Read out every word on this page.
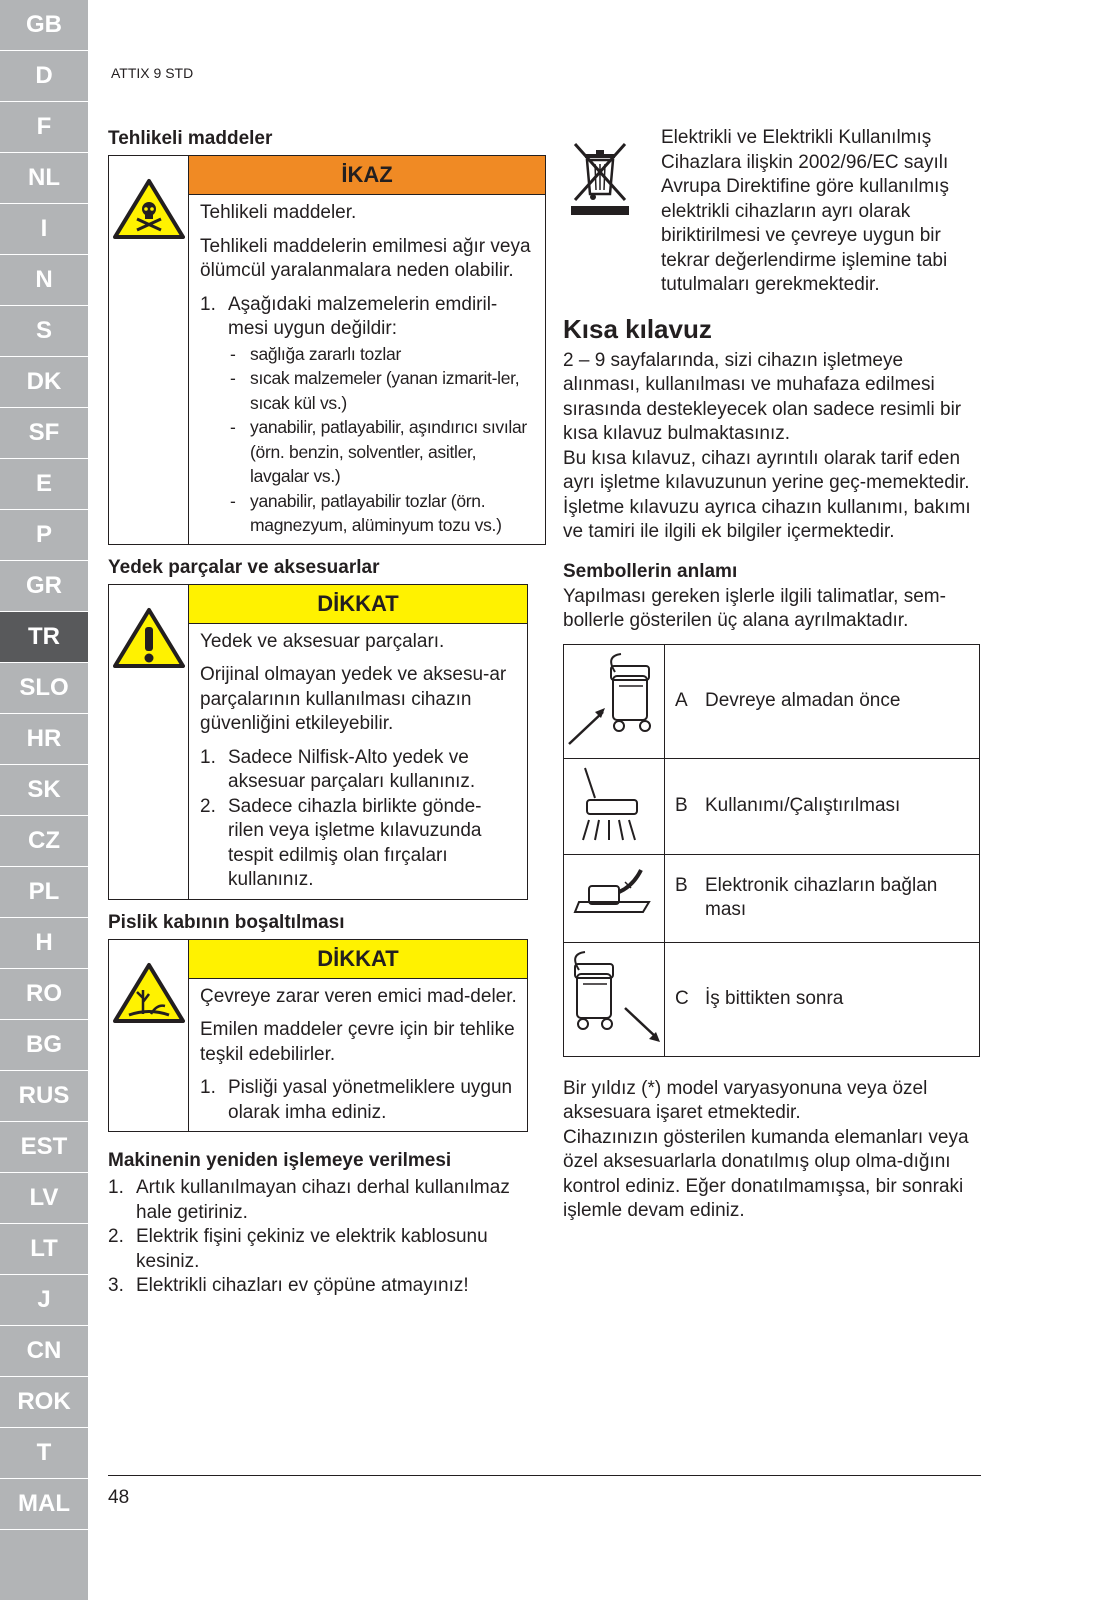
GB
D
F
NL
I
N
S
DK
SF
E
P
GR
TR
SLO
HR
SK
CZ
PL
H
RO
BG
RUS
EST
LV
LT
J
CN
ROK
T
MAL
ATTIX 9 STD
Tehlikeli maddeler
İKAZ
Tehlikeli maddeler.
Tehlikeli maddelerin emilmesi ağır veya ölümcül yaralanmalara neden olabilir.
1. Aşağıdaki malzemelerin emdiril-mesi uygun değildir:
- sağlığa zararlı tozlar
- sıcak malzemeler (yanan izmarit-ler, sıcak kül vs.)
- yanabilir, patlayabilir, aşındırıcı sıvılar (örn. benzin, solventler, asitler, lavgalar vs.)
- yanabilir, patlayabilir tozlar (örn. magnezyum, alüminyum tozu vs.)
Yedek parçalar ve aksesuarlar
DİKKAT
Yedek ve aksesuar parçaları.
Orijinal olmayan yedek ve aksesu-ar parçalarının kullanılması cihazın güvenliğini etkileyebilir.
1. Sadece Nilfisk-Alto yedek ve aksesuar parçaları kullanınız.
2. Sadece cihazla birlikte gönde-rilen veya işletme kılavuzunda tespit edilmiş olan fırçaları kullanınız.
Pislik kabının boşaltılması
DİKKAT
Çevreye zarar veren emici mad-deler.
Emilen maddeler çevre için bir tehlike teşkil edebilirler.
1. Pisliği yasal yönetmeliklere uygun olarak imha ediniz.
Makinenin yeniden işlemeye verilmesi
1. Artık kullanılmayan cihazı derhal kullanılmaz hale getiriniz.
2. Elektrik fişini çekiniz ve elektrik kablosunu kesiniz.
3. Elektrikli cihazları ev çöpüne atmayınız!

Elektrikli ve Elektrikli Kullanılmış Cihazlara ilişkin 2002/96/EC sayılı Avrupa Direktifine göre kullanılmış elektrikli cihazların ayrı olarak biriktirilmesi ve çevreye uygun bir tekrar değerlendirme işlemine tabi tutulmaları gerekmektedir.

Kısa kılavuz

2 – 9 sayfalarında, sizi cihazın işletmeye alınması, kullanılması ve muhafaza edilmesi sırasında destekleyecek olan sadece resimli bir kısa kılavuz bulmaktasınız.

Bu kısa kılavuz, cihazı ayrıntılı olarak tarif eden ayrı işletme kılavuzunun yerine geç-memektedir. İşletme kılavuzu ayrıca cihazın kullanımı, bakımı ve tamiri ile ilgili ek bilgiler içermektedir.

Sembollerin anlamı

Yapılması gereken işlerle ilgili talimatlar, sem-bollerle gösterilen üç alana ayrılmaktadır.

A Devreye almadan önce

B Kullanımı/Çalıştırılması

B Elektronik cihazların bağlan ması

C İş bittikten sonra

Bir yıldız (*) model varyasyonuna veya özel aksesuara işaret etmektedir.

Cihazınızın gösterilen kumanda elemanları veya özel aksesuarlarla donatılmış olup olma-dığını kontrol ediniz. Eğer donatılmamışsa, bir sonraki işlemle devam ediniz.

48
